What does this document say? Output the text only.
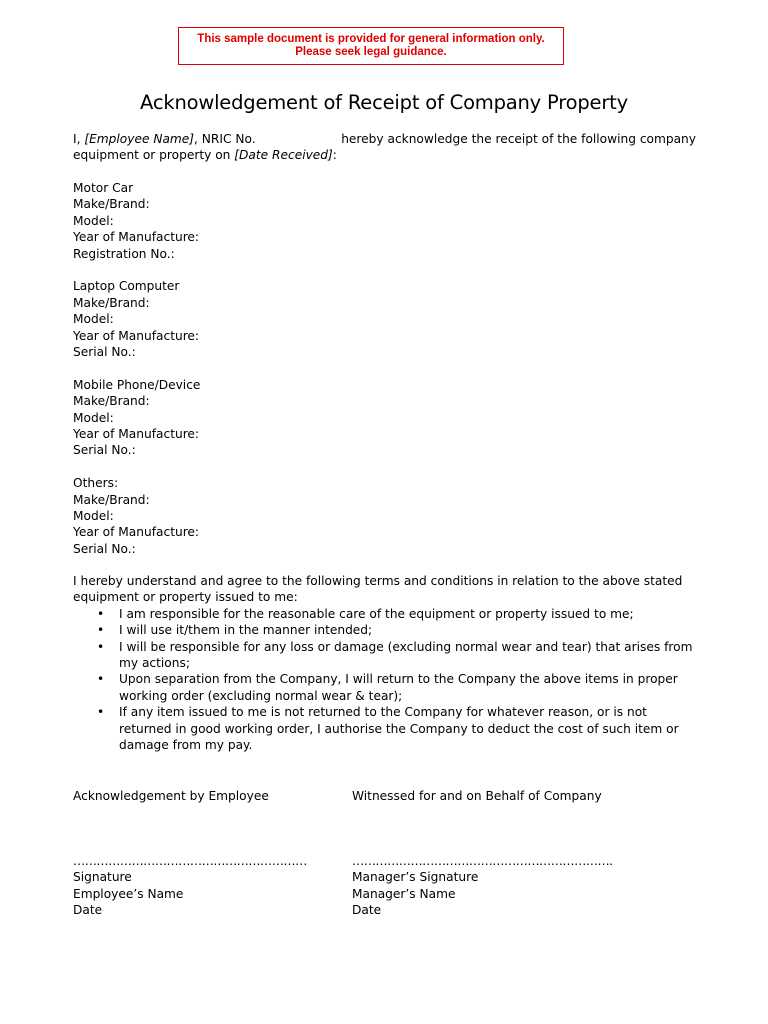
This sample document is provided for general information only.
Please seek legal guidance.
Acknowledgement of Receipt of Company Property
I, [Employee Name], NRIC No.	hereby acknowledge the receipt of the following company
equipment or property on [Date Received]:
Motor Car
Make/Brand:
Model:
Year of Manufacture:
Registration No.:
Laptop Computer
Make/Brand:
Model:
Year of Manufacture:
Serial No.:
Mobile Phone/Device
Make/Brand:
Model:
Year of Manufacture:
Serial No.:
Others:
Make/Brand:
Model:
Year of Manufacture:
Serial No.:
I hereby understand and agree to the following terms and conditions in relation to the above stated equipment or property issued to me:
• I am responsible for the reasonable care of the equipment or property issued to me;
• I will use it/them in the manner intended;
• I will be responsible for any loss or damage (excluding normal wear and tear) that arises from my actions;
• Upon separation from the Company, I will return to the Company the above items in proper working order (excluding normal wear & tear);
• If any item issued to me is not returned to the Company for whatever reason, or is not returned in good working order, I authorise the Company to deduct the cost of such item or damage from my pay.
Acknowledgement by Employee
……………………………………………………
Signature
Employee’s Name
Date
Witnessed for and on Behalf of Company
………………………………………………………….
Manager’s Signature
Manager’s Name
Date
